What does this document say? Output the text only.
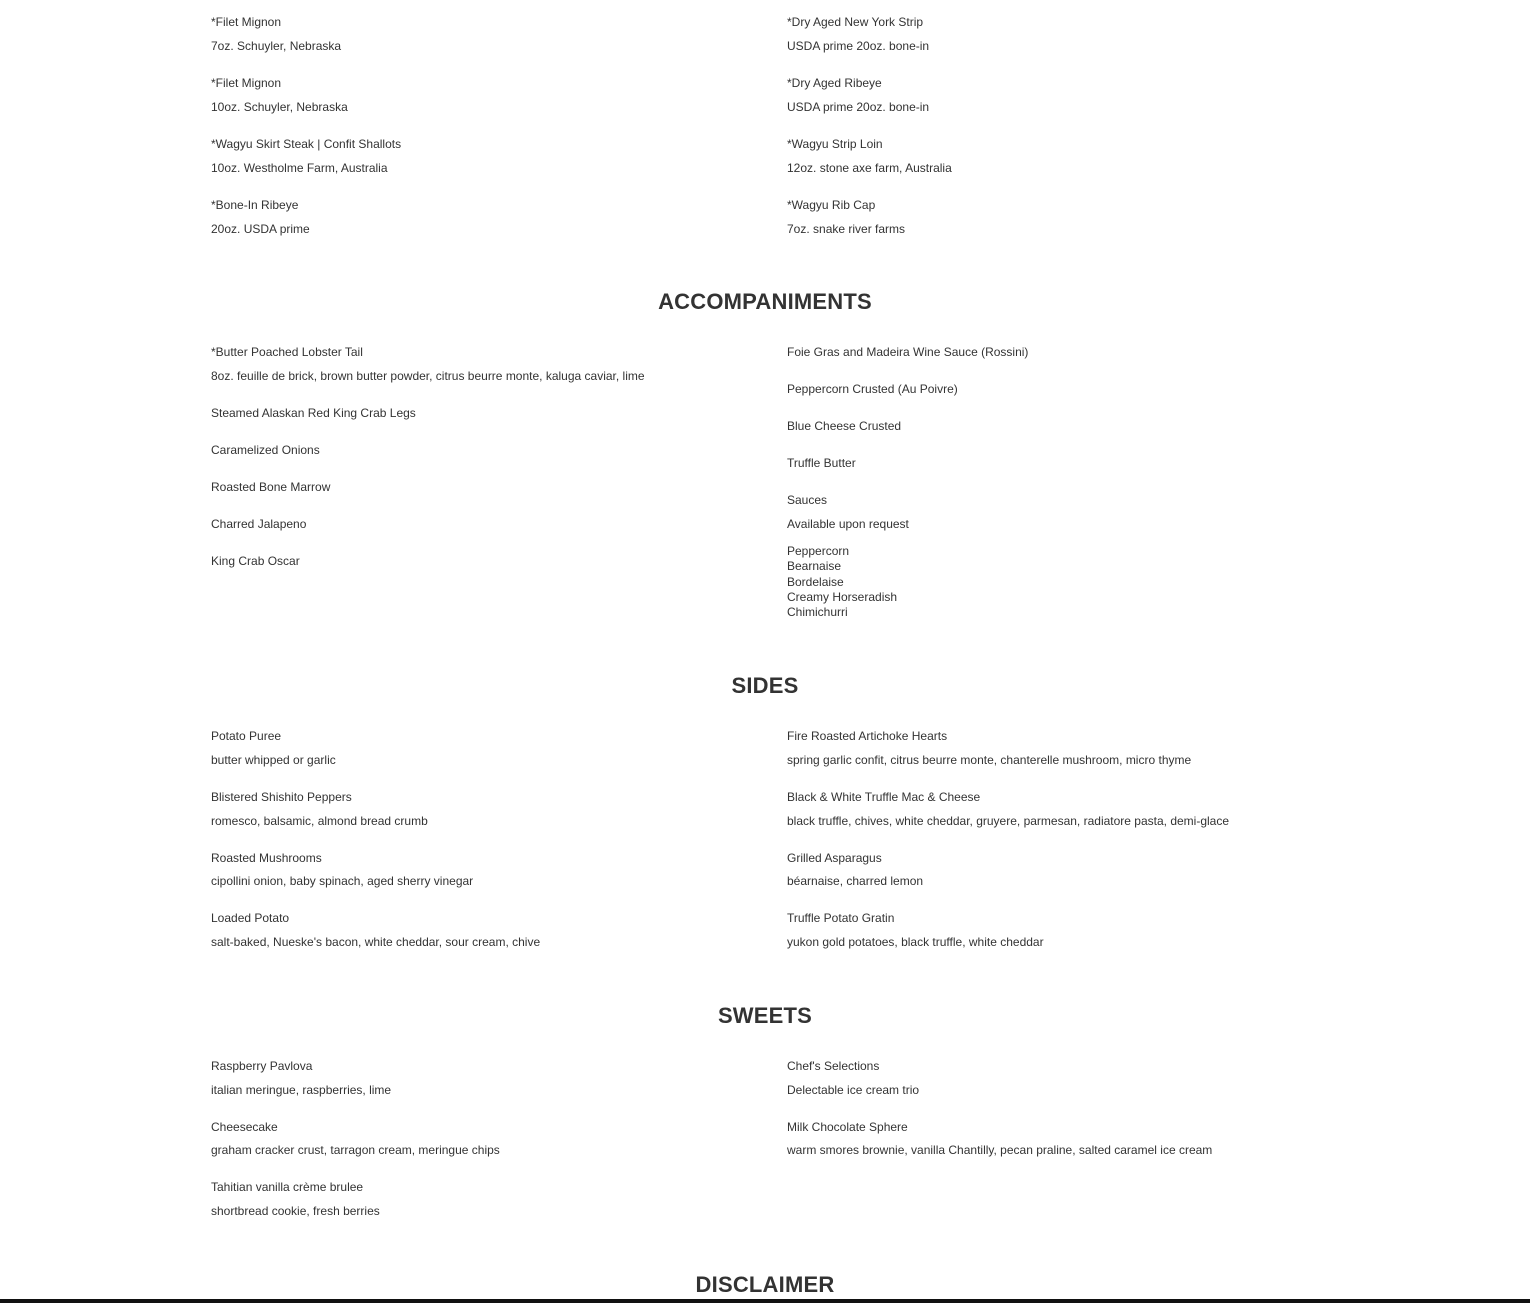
*Filet Mignon
7oz. Schuyler, Nebraska
*Filet Mignon
10oz. Schuyler, Nebraska
*Wagyu Skirt Steak | Confit Shallots
10oz. Westholme Farm, Australia
*Bone-In Ribeye
20oz. USDA prime
*Dry Aged New York Strip
USDA prime 20oz. bone-in
*Dry Aged Ribeye
USDA prime 20oz. bone-in
*Wagyu Strip Loin
12oz. stone axe farm, Australia
*Wagyu Rib Cap
7oz. snake river farms
ACCOMPANIMENTS
*Butter Poached Lobster Tail
8oz. feuille de brick, brown butter powder, citrus beurre monte, kaluga caviar, lime
Steamed Alaskan Red King Crab Legs
Caramelized Onions
Roasted Bone Marrow
Charred Jalapeno
King Crab Oscar
Foie Gras and Madeira Wine Sauce (Rossini)
Peppercorn Crusted (Au Poivre)
Blue Cheese Crusted
Truffle Butter
Sauces
Available upon request
Peppercorn
Bearnaise
Bordelaise
Creamy Horseradish
Chimichurri
SIDES
Potato Puree
butter whipped or garlic
Blistered Shishito Peppers
romesco, balsamic, almond bread crumb
Roasted Mushrooms
cipollini onion, baby spinach, aged sherry vinegar
Loaded Potato
salt-baked, Nueske's bacon, white cheddar, sour cream, chive
Fire Roasted Artichoke Hearts
spring garlic confit, citrus beurre monte, chanterelle mushroom, micro thyme
Black & White Truffle Mac & Cheese
black truffle, chives, white cheddar, gruyere, parmesan, radiatore pasta, demi-glace
Grilled Asparagus
béarnaise, charred lemon
Truffle Potato Gratin
yukon gold potatoes, black truffle, white cheddar
SWEETS
Raspberry Pavlova
italian meringue, raspberries, lime
Cheesecake
graham cracker crust, tarragon cream, meringue chips
Tahitian vanilla crème brulee
shortbread cookie, fresh berries
Chef's Selections
Delectable ice cream trio
Milk Chocolate Sphere
warm smores brownie, vanilla Chantilly, pecan praline, salted caramel ice cream
DISCLAIMER
